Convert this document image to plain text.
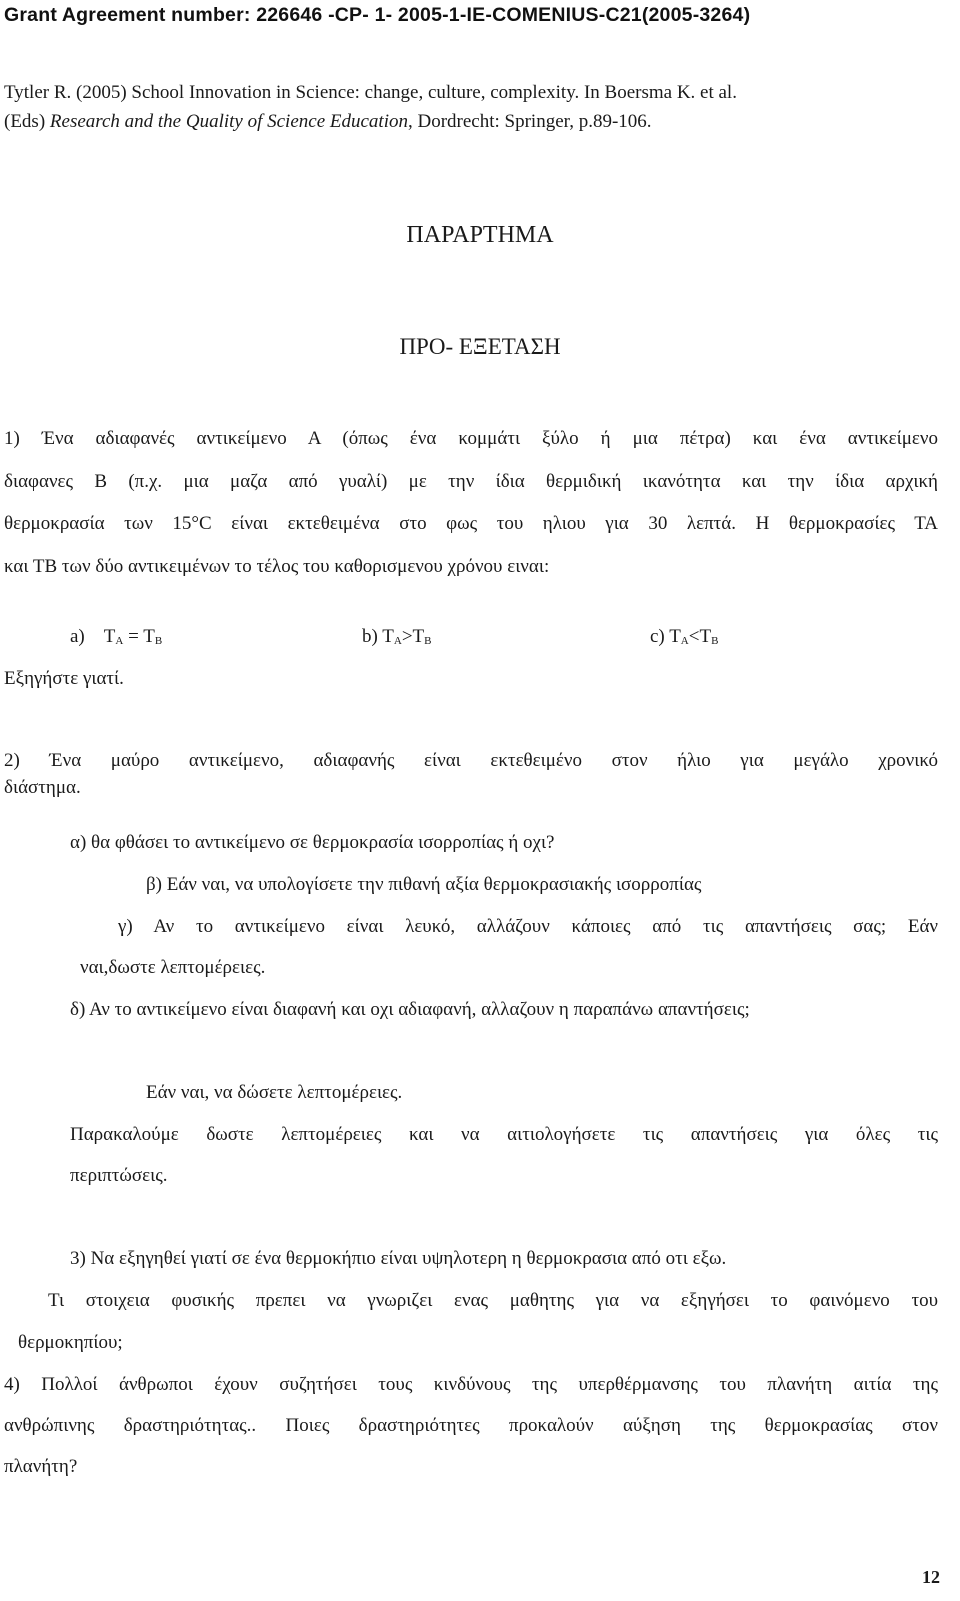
Grant Agreement number: 226646 -CP- 1- 2005-1-IE-COMENIUS-C21(2005-3264)
Tytler R. (2005) School Innovation in Science: change, culture, complexity. In Boersma K. et al.
(Eds) Research and the Quality of Science Education, Dordrecht: Springer, p.89-106.
ΠΑΡΑΡΤΗΜΑ
ΠΡΟ- ΕΞΕΤΑΣΗ
1) Ένα αδιαφανές αντικείμενο Α (όπως ένα κομμάτι ξύλο ή μια πέτρα) και ένα αντικείμενο
διαφανες Β (π.χ. μια μαζα από γυαλί) με την ίδια θερμιδική ικανότητα και την ίδια αρχική
θερμοκρασία των 15°C είναι εκτεθειμένα στο φως του ηλιου για 30 λεπτά. Η θερμοκρασίες ΤΑ
και ΤΒ των δύο αντικειμένων το τέλος του καθορισμενου χρόνου ειναι:
a) $T_A = T_B$	b) $T_A>T_B$	c) $T_A<T_B$
Εξηγήστε γιατί.
2) Ένα μαύρο αντικείμενο, αδιαφανής είναι εκτεθειμένο στον ήλιο για μεγάλο χρονικό
διάστημα.
α) θα φθάσει το αντικείμενο σε θερμοκρασία ισορροπίας ή οχι?
β) Εάν ναι, να υπολογίσετε την πιθανή αξία θερμοκρασιακής ισορροπίας
γ) Αν το αντικείμενο είναι λευκό, αλλάζουν κάποιες από τις απαντήσεις σας; Εάν
ναι,δωστε λεπτομέρειες.
δ) Αν το αντικείμενο είναι διαφανή και οχι αδιαφανή, αλλαζουν η παραπάνω απαντήσεις;
Εάν ναι, να δώσετε λεπτομέρειες.
Παρακαλούμε δωστε λεπτομέρειες και να αιτιολογήσετε τις απαντήσεις για όλες τις
περιπτώσεις.
3) Να εξηγηθεί γιατί σε ένα θερμοκήπιο είναι υψηλοτερη η θερμοκρασια από οτι εξω.
Τι στοιχεια φυσικής πρεπει να γνωριζει ενας μαθητης για να εξηγήσει το φαινόμενο του
θερμοκηπίου;
4) Πολλοί άνθρωποι έχουν συζητήσει τους κινδύνους της υπερθέρμανσης του πλανήτη αιτία της
ανθρώπινης δραστηριότητας.. Ποιες δραστηριότητες προκαλούν αύξηση της θερμοκρασίας στον
πλανήτη?
12
